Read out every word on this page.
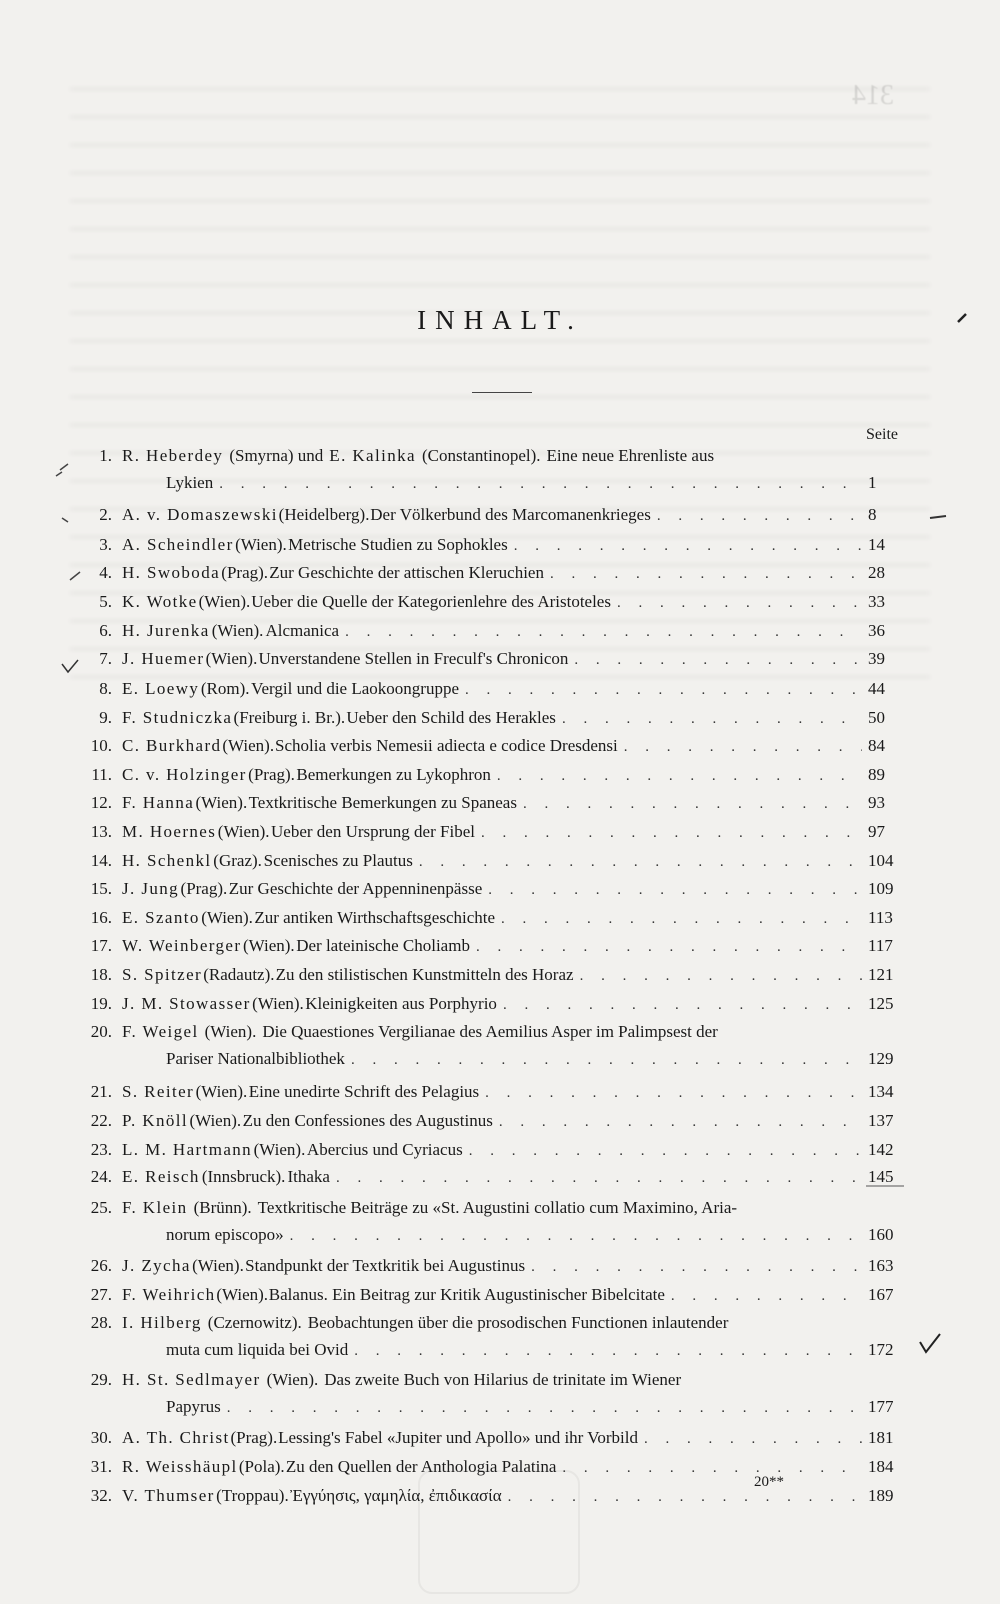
314
INHALT.
Seite
1. R. Heberdey (Smyrna) und E. Kalinka (Constantinopel). Eine neue Ehrenliste aus
Lykien . . .	1
2. A. v. Domaszewski (Heidelberg). Der Völkerbund des Marcomanenkrieges . . .	8
3. A. Scheindler (Wien). Metrische Studien zu Sophokles . . .	14
4. H. Swoboda (Prag). Zur Geschichte der attischen Kleruchien . . .	28
5. K. Wotke (Wien). Ueber die Quelle der Kategorienlehre des Aristoteles . . .	33
6. H. Jurenka (Wien). Alcmanica . . .	36
7. J. Huemer (Wien). Unverstandene Stellen in Freculf's Chronicon . . .	39
8. E. Loewy (Rom). Vergil und die Laokoongruppe . . .	44
9. F. Studniczka (Freiburg i. Br.). Ueber den Schild des Herakles . . .	50
10. C. Burkhard (Wien). Scholia verbis Nemesii adiecta e codice Dresdensi . . .	84
11. C. v. Holzinger (Prag). Bemerkungen zu Lykophron . . .	89
12. F. Hanna (Wien). Textkritische Bemerkungen zu Spaneas . . .	93
13. M. Hoernes (Wien). Ueber den Ursprung der Fibel . . .	97
14. H. Schenkl (Graz). Scenisches zu Plautus . . .	104
15. J. Jung (Prag). Zur Geschichte der Appenninenpässe . . .	109
16. E. Szanto (Wien). Zur antiken Wirthschaftsgeschichte . . .	113
17. W. Weinberger (Wien). Der lateinische Choliamb . . .	117
18. S. Spitzer (Radautz). Zu den stilistischen Kunstmitteln des Horaz . . .	121
19. J. M. Stowasser (Wien). Kleinigkeiten aus Porphyrio . . .	125
20. F. Weigel (Wien). Die Quaestiones Vergilianae des Aemilius Asper im Palimpsest der
Pariser Nationalbibliothek . . .	129
21. S. Reiter (Wien). Eine unedirte Schrift des Pelagius . . .	134
22. P. Knöll (Wien). Zu den Confessiones des Augustinus . . .	137
23. L. M. Hartmann (Wien). Abercius und Cyriacus . . .	142
24. E. Reisch (Innsbruck). Ithaka . . .	145
25. F. Klein (Brünn). Textkritische Beiträge zu «St. Augustini collatio cum Maximino, Aria-
norum episcopo» . . .	160
26. J. Zycha (Wien). Standpunkt der Textkritik bei Augustinus . . .	163
27. F. Weihrich (Wien). Balanus. Ein Beitrag zur Kritik Augustinischer Bibelcitate . . .	167
28. I. Hilberg (Czernowitz). Beobachtungen über die prosodischen Functionen inlautender
muta cum liquida bei Ovid . . .	172
29. H. St. Sedlmayer (Wien). Das zweite Buch von Hilarius de trinitate im Wiener
Papyrus . . .	177
30. A. Th. Christ (Prag). Lessing's Fabel «Jupiter und Apollo» und ihr Vorbild . . .	181
31. R. Weisshäupl (Pola). Zu den Quellen der Anthologia Palatina . . .	184
32. V. Thumser (Troppau). Ἐγγύησις, γαμηλία, ἐπιδικασία . . .	189
20**
